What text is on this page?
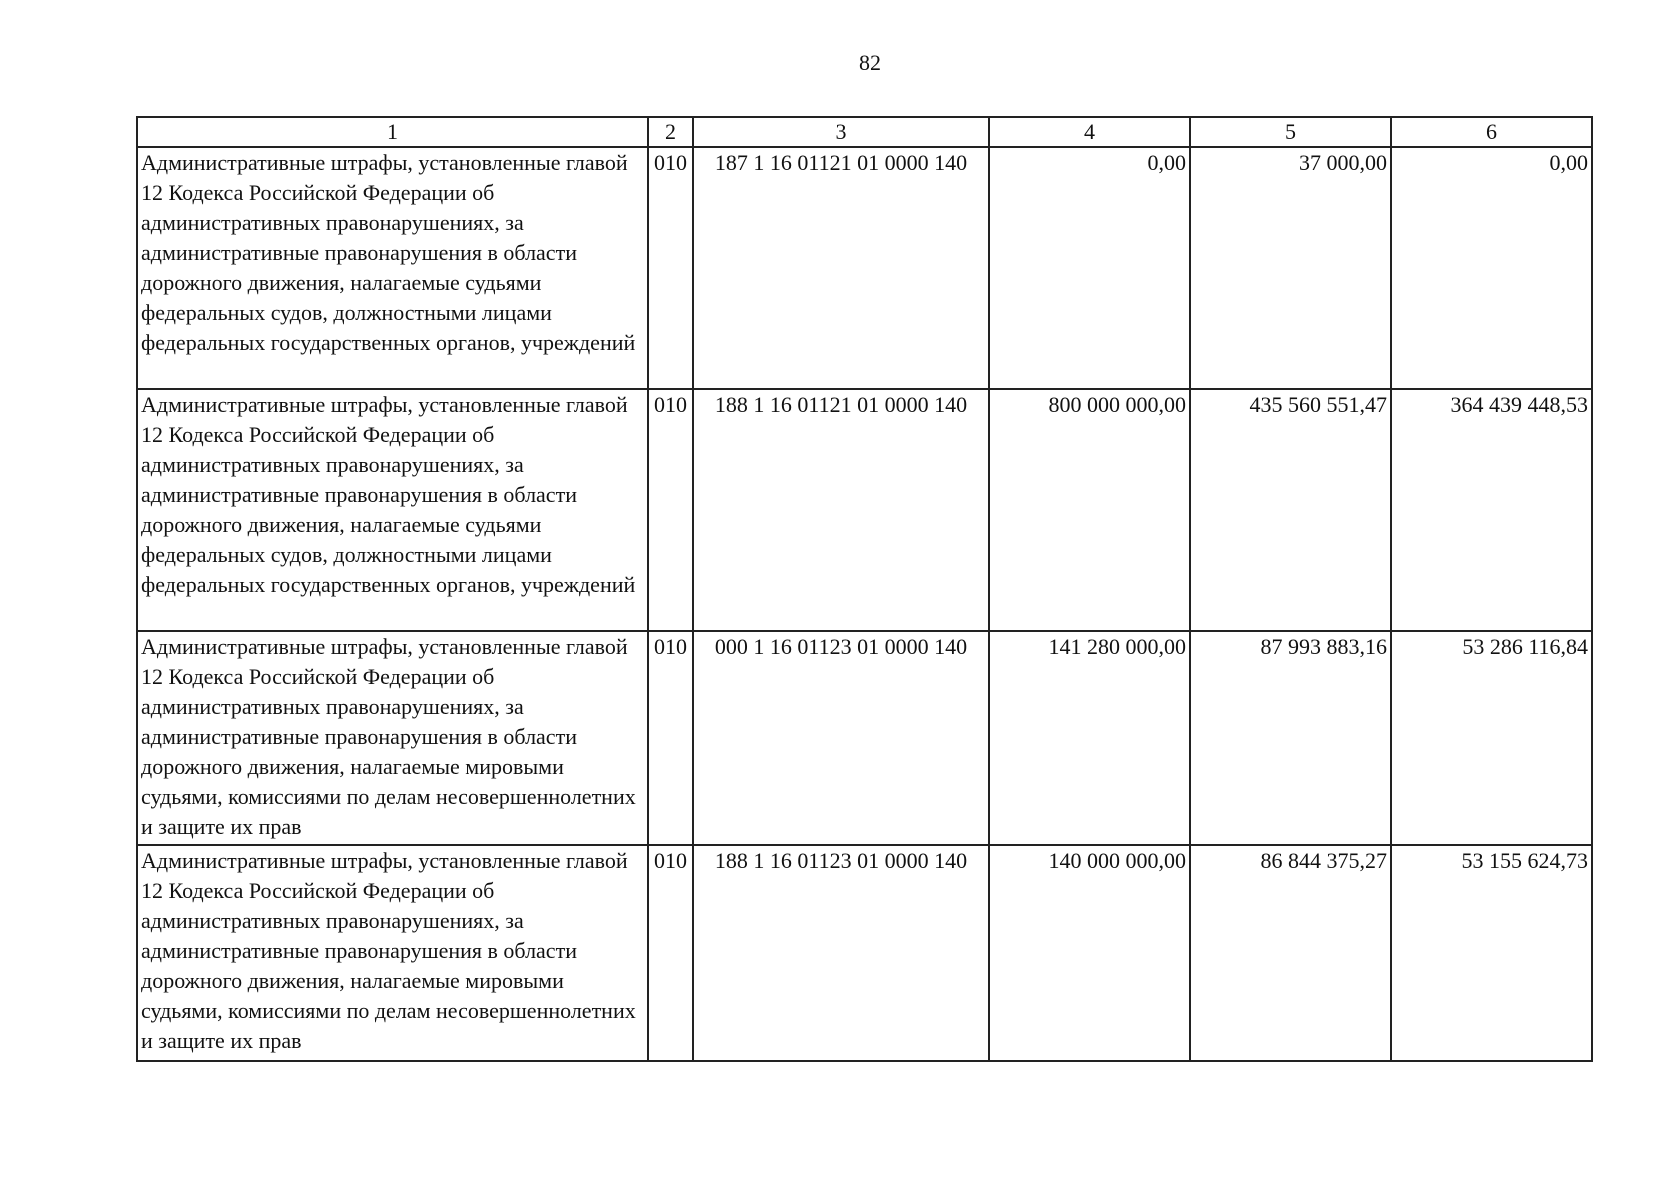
82
1	2	3	4	5	6
Административные штрафы, установленные главой 12 Кодекса Российской Федерации об административных правонарушениях, за административные правонарушения в области дорожного движения, налагаемые судьями федеральных судов, должностными лицами федеральных государственных органов, учреждений	010	187 1 16 01121 01 0000 140	0,00	37 000,00	0,00
Административные штрафы, установленные главой 12 Кодекса Российской Федерации об административных правонарушениях, за административные правонарушения в области дорожного движения, налагаемые судьями федеральных судов, должностными лицами федеральных государственных органов, учреждений	010	188 1 16 01121 01 0000 140	800 000 000,00	435 560 551,47	364 439 448,53
Административные штрафы, установленные главой 12 Кодекса Российской Федерации об административных правонарушениях, за административные правонарушения в области дорожного движения, налагаемые мировыми судьями, комиссиями по делам несовершеннолетних и защите их прав	010	000 1 16 01123 01 0000 140	141 280 000,00	87 993 883,16	53 286 116,84
Административные штрафы, установленные главой 12 Кодекса Российской Федерации об административных правонарушениях, за административные правонарушения в области дорожного движения, налагаемые мировыми судьями, комиссиями по делам несовершеннолетних и защите их прав	010	188 1 16 01123 01 0000 140	140 000 000,00	86 844 375,27	53 155 624,73
